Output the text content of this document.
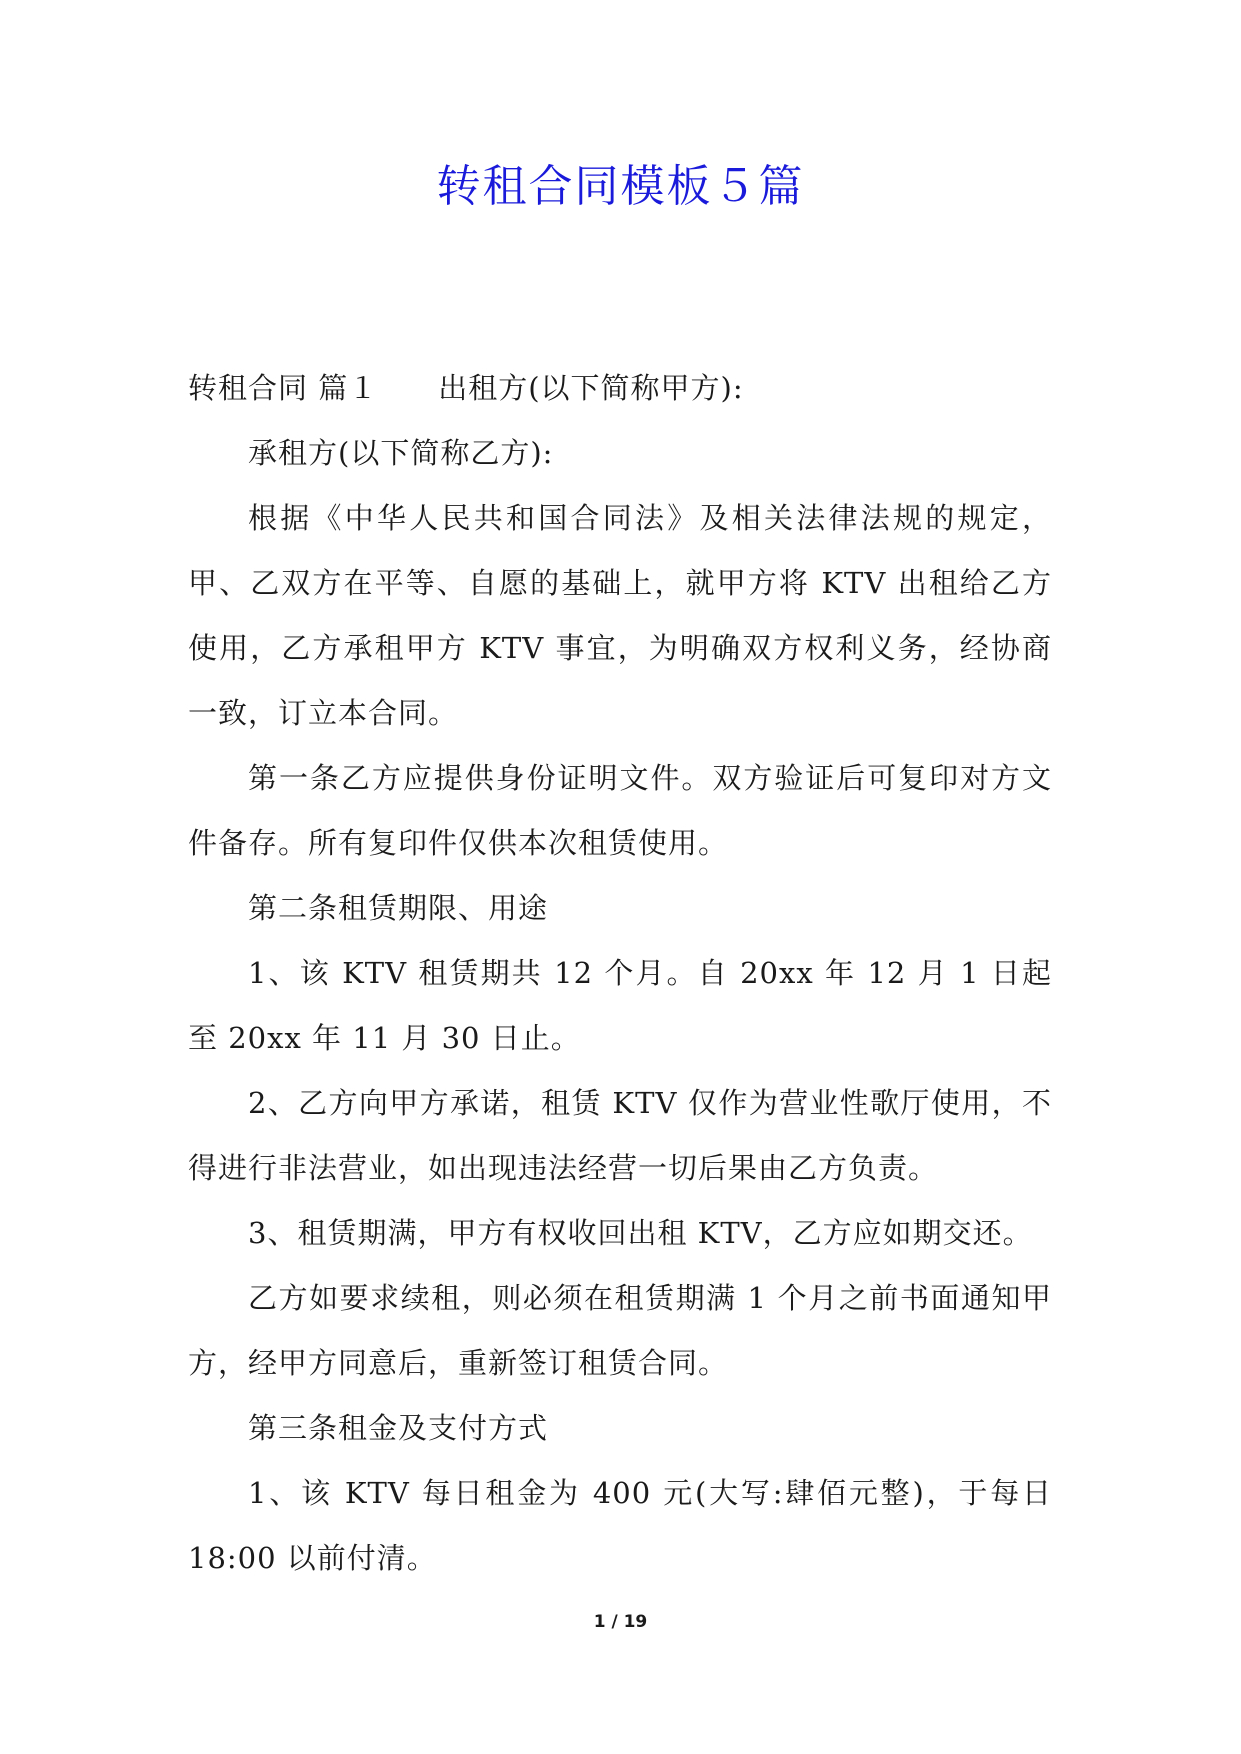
转租合同模板５篇

转租合同 篇１ 出租方(以下简称甲方):

承租方(以下简称乙方):

根据《中华人民共和国合同法》及相关法律法规的规定，甲、乙双方在平等、自愿的基础上，就甲方将 KTV 出租给乙方使用，乙方承租甲方 KTV 事宜，为明确双方权利义务，经协商一致，订立本合同。

第一条乙方应提供身份证明文件。双方验证后可复印对方文件备存。所有复印件仅供本次租赁使用。

第二条租赁期限、用途

1、该 KTV 租赁期共 12 个月。自 20xx 年 12 月 1 日起至 20xx 年 11 月 30 日止。

2、乙方向甲方承诺，租赁 KTV 仅作为营业性歌厅使用，不得进行非法营业，如出现违法经营一切后果由乙方负责。

3、租赁期满，甲方有权收回出租 KTV，乙方应如期交还。

乙方如要求续租，则必须在租赁期满 1 个月之前书面通知甲方，经甲方同意后，重新签订租赁合同。

第三条租金及支付方式

1、该 KTV 每日租金为 400 元(大写:肆佰元整)，于每日18:00 以前付清。

1 / 19
